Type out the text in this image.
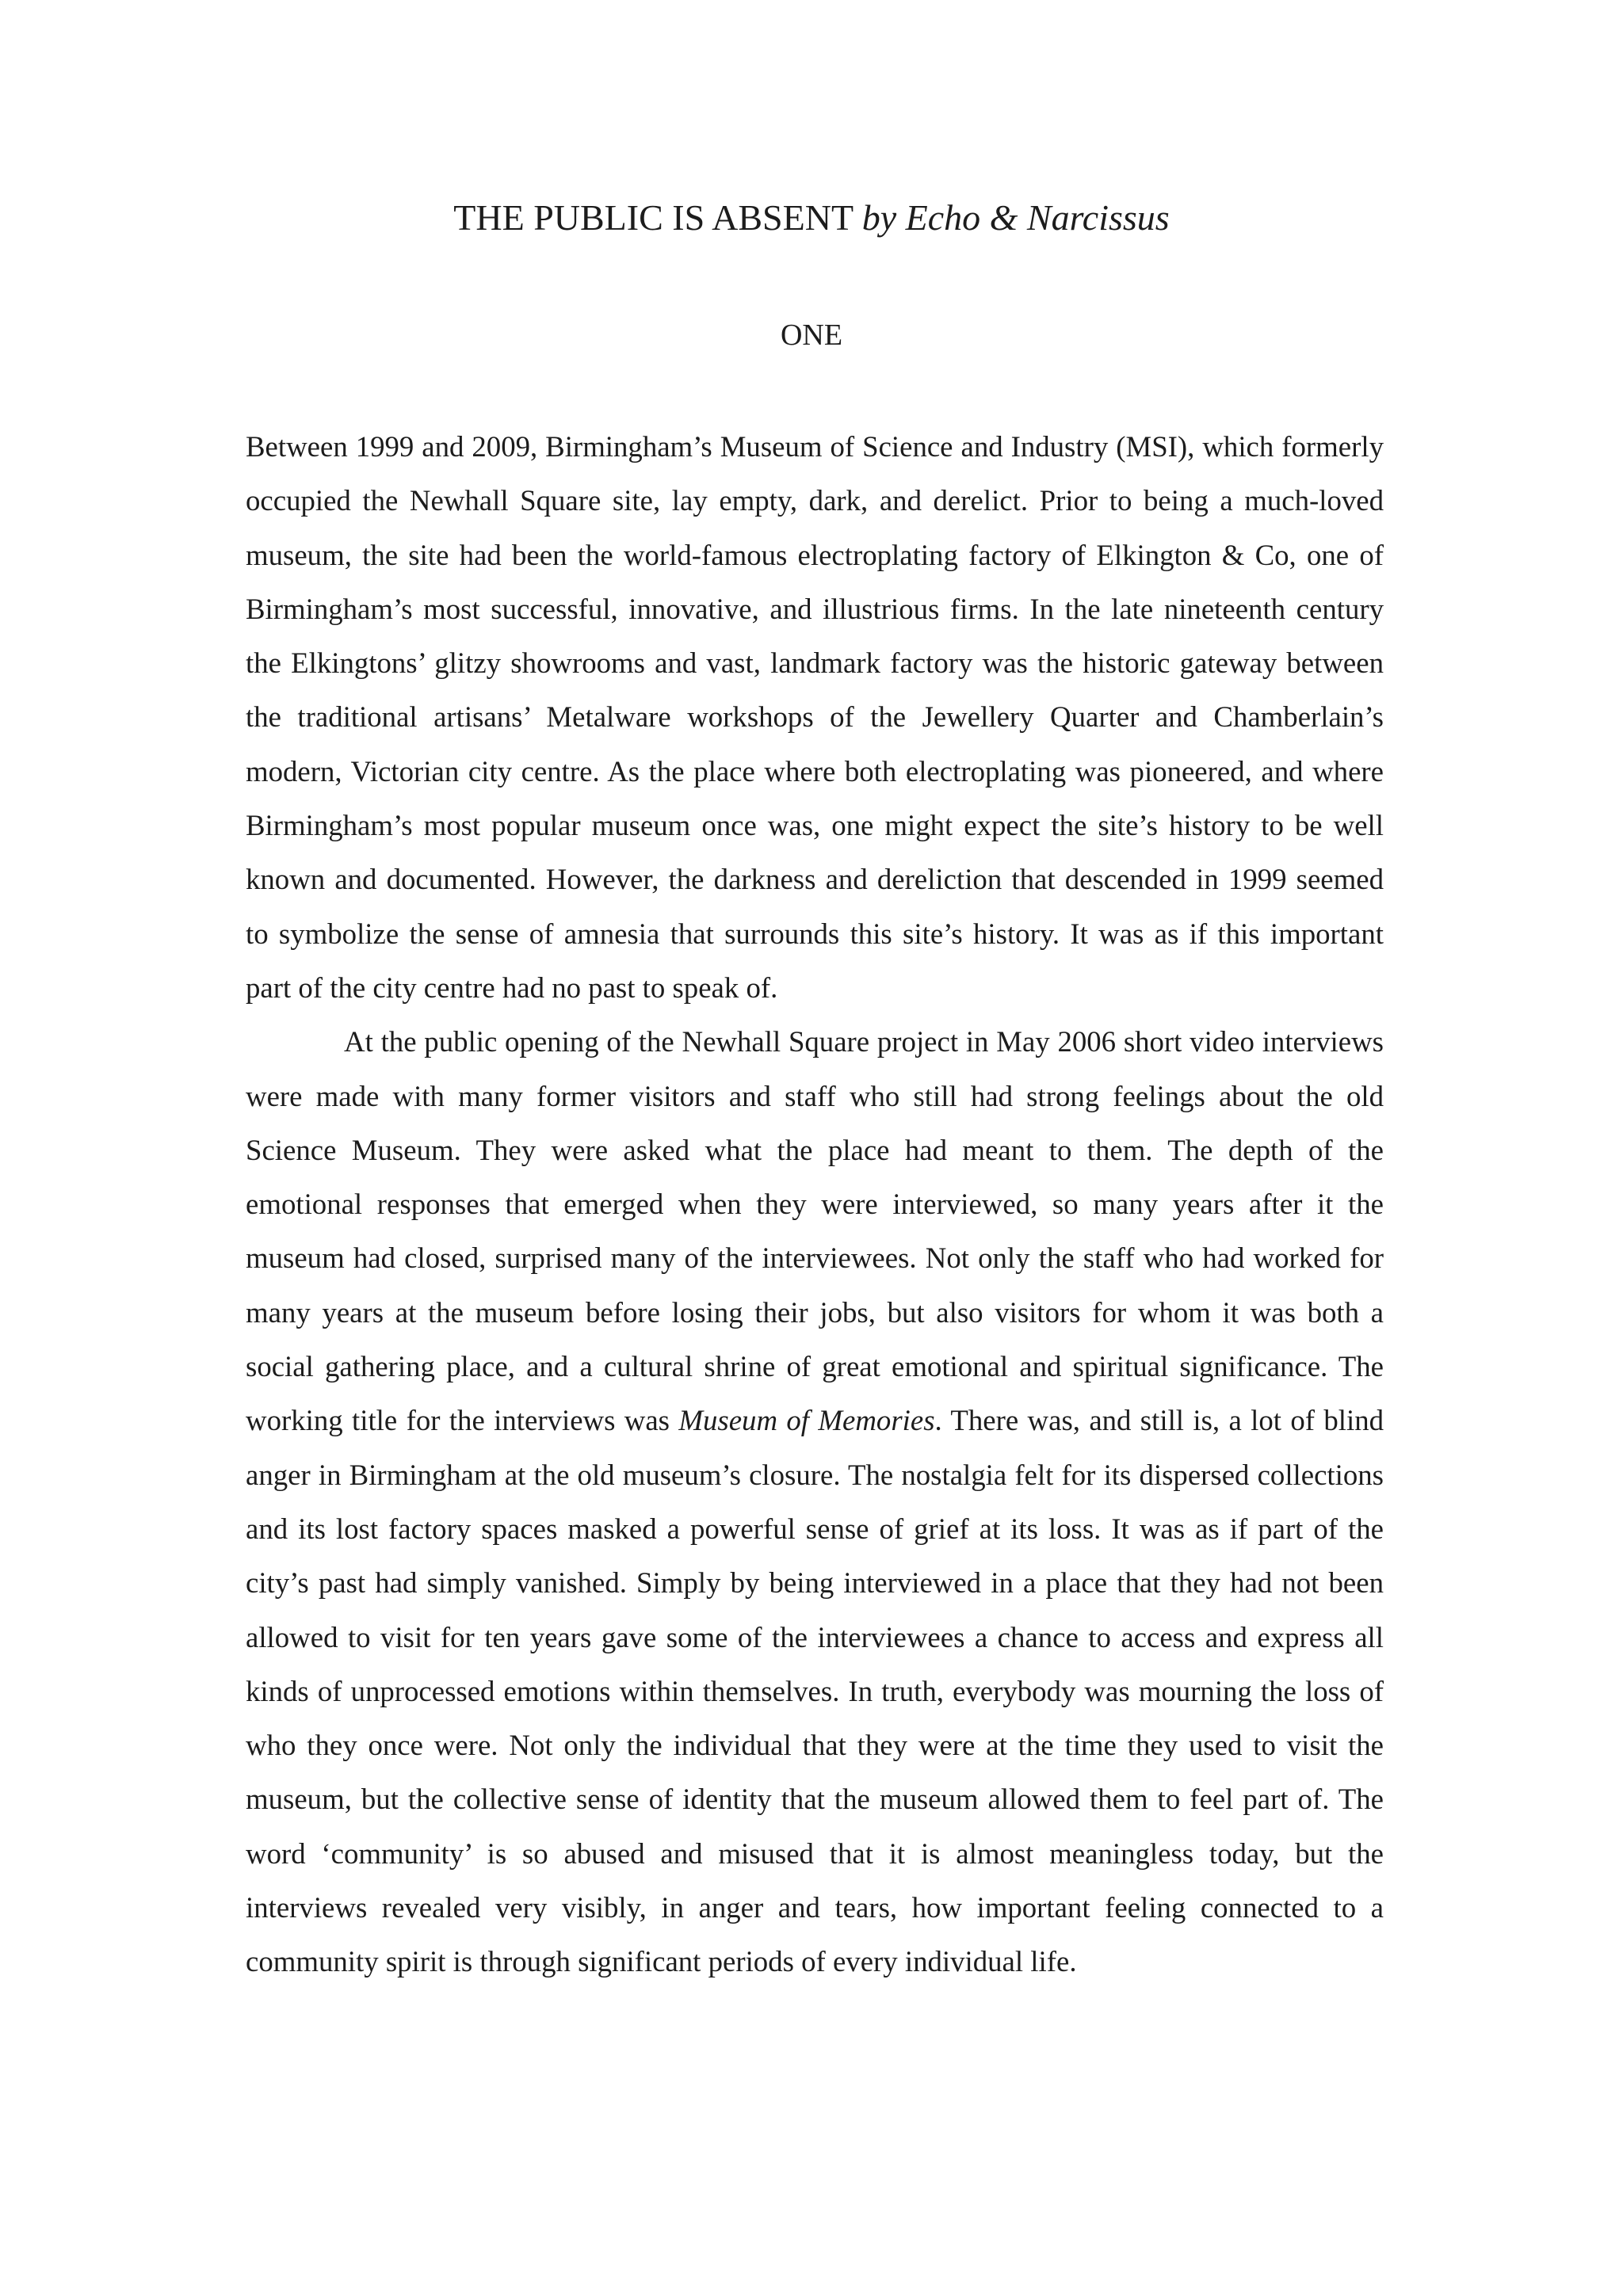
THE PUBLIC IS ABSENT by Echo & Narcissus
ONE

Between 1999 and 2009, Birmingham’s Museum of Science and Industry (MSI), which formerly occupied the Newhall Square site, lay empty, dark, and derelict. Prior to being a much-loved museum, the site had been the world-famous electroplating factory of Elkington & Co, one of Birmingham’s most successful, innovative, and illustrious firms. In the late nineteenth century the Elkingtons’ glitzy showrooms and vast, landmark factory was the historic gateway between the traditional artisans’ Metalware workshops of the Jewellery Quarter and Chamberlain’s modern, Victorian city centre. As the place where both electroplating was pioneered, and where Birmingham’s most popular museum once was, one might expect the site’s history to be well known and documented. However, the darkness and dereliction that descended in 1999 seemed to symbolize the sense of amnesia that surrounds this site’s history. It was as if this important part of the city centre had no past to speak of.

At the public opening of the Newhall Square project in May 2006 short video interviews were made with many former visitors and staff who still had strong feelings about the old Science Museum. They were asked what the place had meant to them. The depth of the emotional responses that emerged when they were interviewed, so many years after it the museum had closed, surprised many of the interviewees. Not only the staff who had worked for many years at the museum before losing their jobs, but also visitors for whom it was both a social gathering place, and a cultural shrine of great emotional and spiritual significance. The working title for the interviews was Museum of Memories. There was, and still is, a lot of blind anger in Birmingham at the old museum’s closure. The nostalgia felt for its dispersed collections and its lost factory spaces masked a powerful sense of grief at its loss. It was as if part of the city’s past had simply vanished. Simply by being interviewed in a place that they had not been allowed to visit for ten years gave some of the interviewees a chance to access and express all kinds of unprocessed emotions within themselves. In truth, everybody was mourning the loss of who they once were. Not only the individual that they were at the time they used to visit the museum, but the collective sense of identity that the museum allowed them to feel part of. The word ‘community’ is so abused and misused that it is almost meaningless today, but the interviews revealed very visibly, in anger and tears, how important feeling connected to a community spirit is through significant periods of every individual life.
